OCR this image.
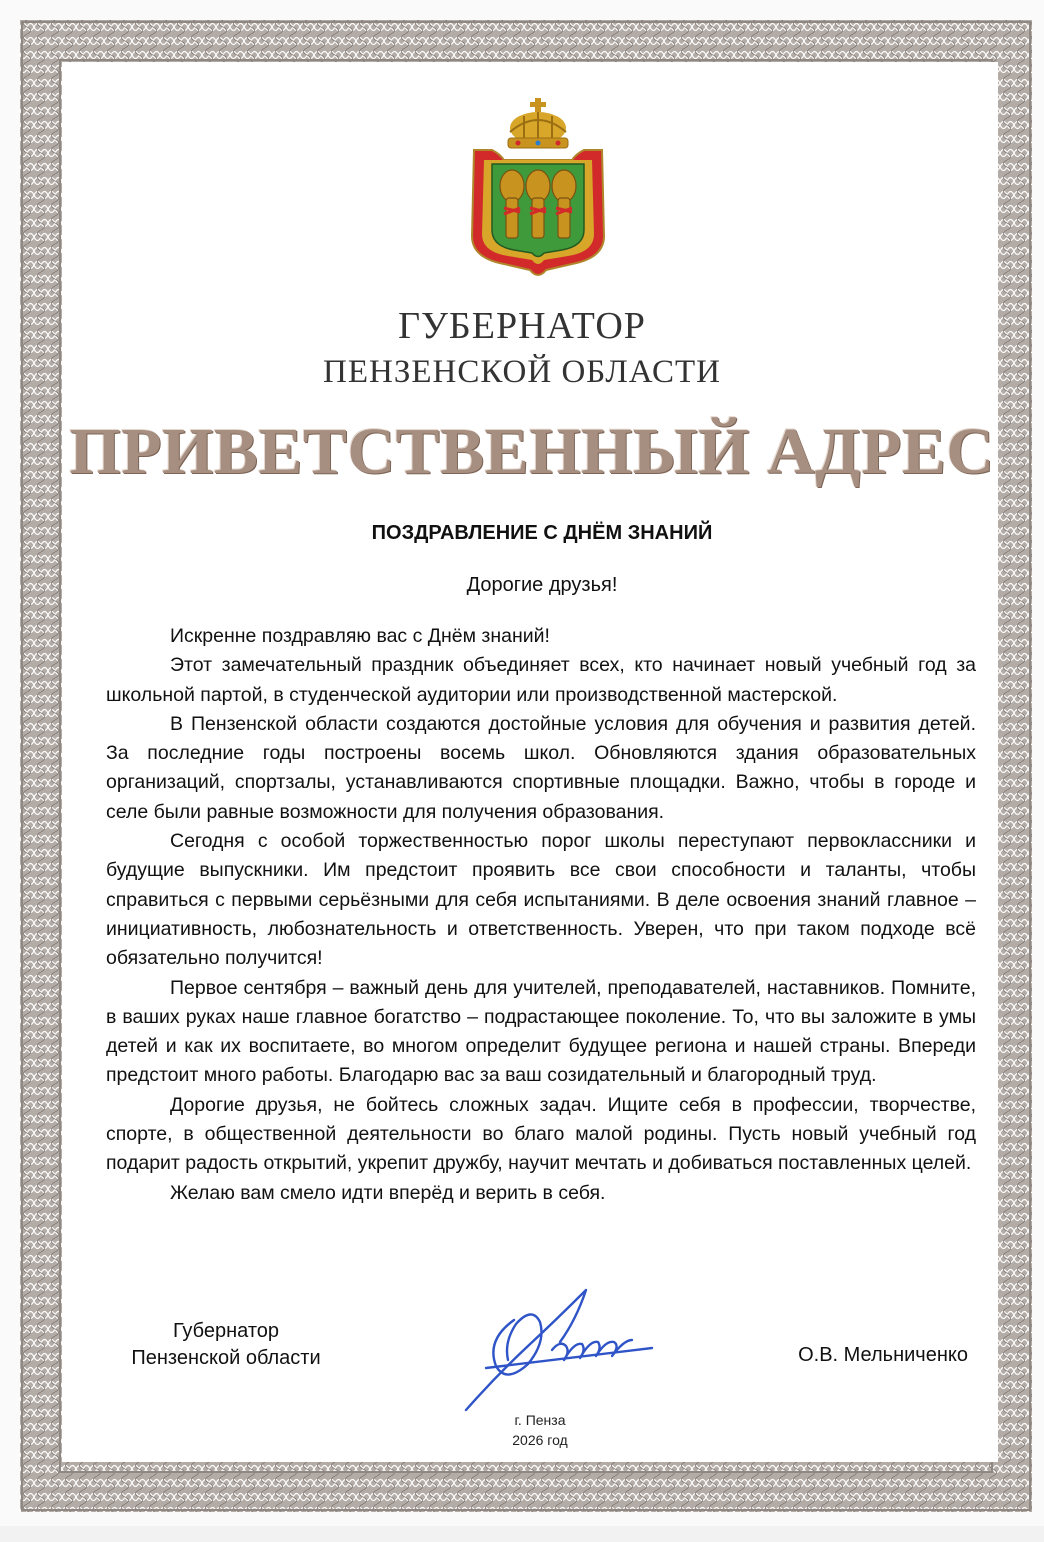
ГУБЕРНАТОР
ПЕНЗЕНСКОЙ ОБЛАСТИ
ПРИВЕТСТВЕННЫЙ АДРЕС
ПОЗДРАВЛЕНИЕ С ДНЁМ ЗНАНИЙ
Дорогие друзья!

Искренне поздравляю вас с Днём знаний!

Этот замечательный праздник объединяет всех, кто начинает новый учебный год за школьной партой, в студенческой аудитории или производственной мастерской.

В Пензенской области создаются достойные условия для обучения и развития детей. За последние годы построены восемь школ. Обновляются здания образовательных организаций, спортзалы, устанавливаются спортивные площадки. Важно, чтобы в городе и селе были равные возможности для получения образования.

Сегодня с особой торжественностью порог школы переступают первоклассники и будущие выпускники. Им предстоит проявить все свои способности и таланты, чтобы справиться с первыми серьёзными для себя испытаниями. В деле освоения знаний главное – инициативность, любознательность и ответственность. Уверен, что при таком подходе всё обязательно получится!

Первое сентября – важный день для учителей, преподавателей, наставников. Помните, в ваших руках наше главное богатство – подрастающее поколение. То, что вы заложите в умы детей и как их воспитаете, во многом определит будущее региона и нашей страны. Впереди предстоит много работы. Благодарю вас за ваш созидательный и благородный труд.

Дорогие друзья, не бойтесь сложных задач. Ищите себя в профессии, творчестве, спорте, в общественной деятельности во благо малой родины. Пусть новый учебный год подарит радость открытий, укрепит дружбу, научит мечтать и добиваться поставленных целей.

Желаю вам смело идти вперёд и верить в себя.

Губернатор
Пензенской области	О.В. Мельниченко
г. Пенза
2026 год
